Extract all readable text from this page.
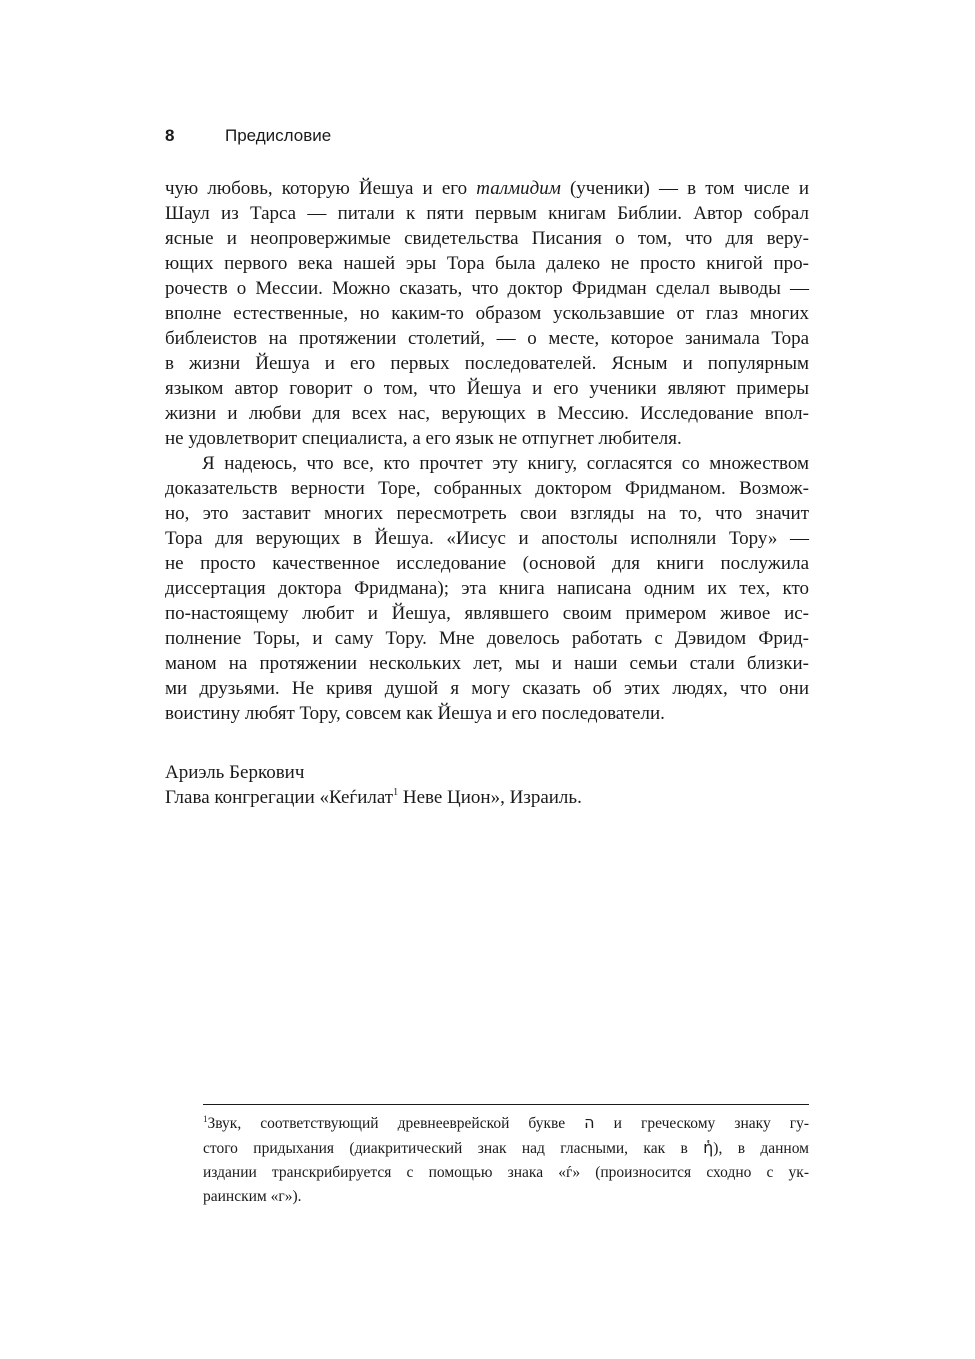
8	Предисловие

чую любовь, которую Йешуа и его талмидим (ученики) — в том числе и

Шаул из Тарса — питали к пяти первым книгам Библии. Автор собрал

ясные и неопровержимые свидетельства Писания о том, что для веру-

ющих первого века нашей эры Тора была далеко не просто книгой про-

рочеств о Мессии. Можно сказать, что доктор Фридман сделал выводы —

вполне естественные, но каким-то образом ускользавшие от глаз многих

библеистов на протяжении столетий, — о месте, которое занимала Тора

в жизни Йешуа и его первых последователей. Ясным и популярным

языком автор говорит о том, что Йешуа и его ученики являют примеры

жизни и любви для всех нас, верующих в Мессию. Исследование впол-

не удовлетворит специалиста, а его язык не отпугнет любителя.

Я надеюсь, что все, кто прочтет эту книгу, согласятся со множеством

доказательств верности Торе, собранных доктором Фридманом. Возмож-

но, это заставит многих пересмотреть свои взгляды на то, что значит

Тора для верующих в Йешуа. «Иисус и апостолы исполняли Тору» —

не просто качественное исследование (основой для книги послужила

диссертация доктора Фридмана); эта книга написана одним их тех, кто

по-настоящему любит и Йешуа, являвшего своим примером живое ис-

полнение Торы, и саму Тору. Мне довелось работать с Дэвидом Фрид-

маном на протяжении нескольких лет, мы и наши семьи стали близки-

ми друзьями. Не кривя душой я могу сказать об этих людях, что они

воистину любят Тору, совсем как Йешуа и его последователи.

Ариэль Беркович

Глава конгрегации «Кеѓилат$^1$ Неве Цион», Израиль.

$^1$Звук, соответствующий древнееврейской букве ה и греческому знаку гу-

стого придыхания (диакритический знак над гласными, как в ἡ), в данном

издании транскрибируется с помощью знака «ѓ» (произносится сходно с ук-

раинским «г»).
